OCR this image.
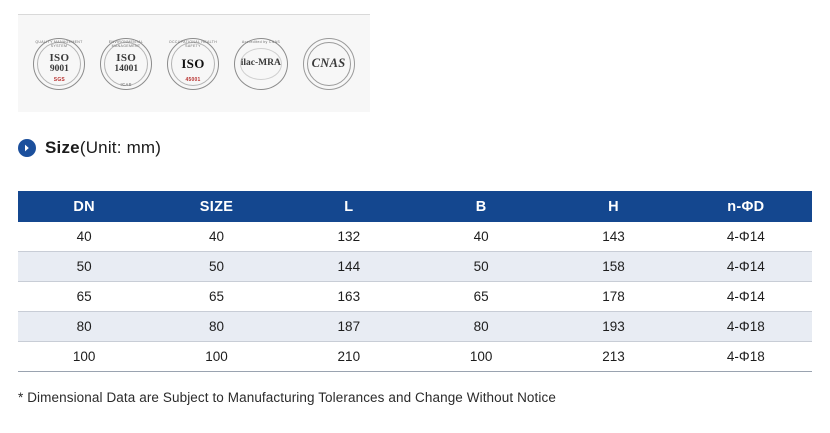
QUALITY MANAGEMENT SYSTEM
ISO
9001
SGS
ENVIRONMENTAL MANAGEMENT
ISO
14001
ICAS
OCCUPATIONAL HEALTH SAFETY
ISO
45001
Accredited by CNAS
ilac-MRA CNAS
Size(Unit: mm)
DN	SIZE	L	B	H	n-ΦD
40	40	132	40	143	4-Φ14
50	50	144	50	158	4-Φ14
65	65	163	65	178	4-Φ14
80	80	187	80	193	4-Φ18
100	100	210	100	213	4-Φ18
* Dimensional Data are Subject to Manufacturing Tolerances and Change Without Notice
